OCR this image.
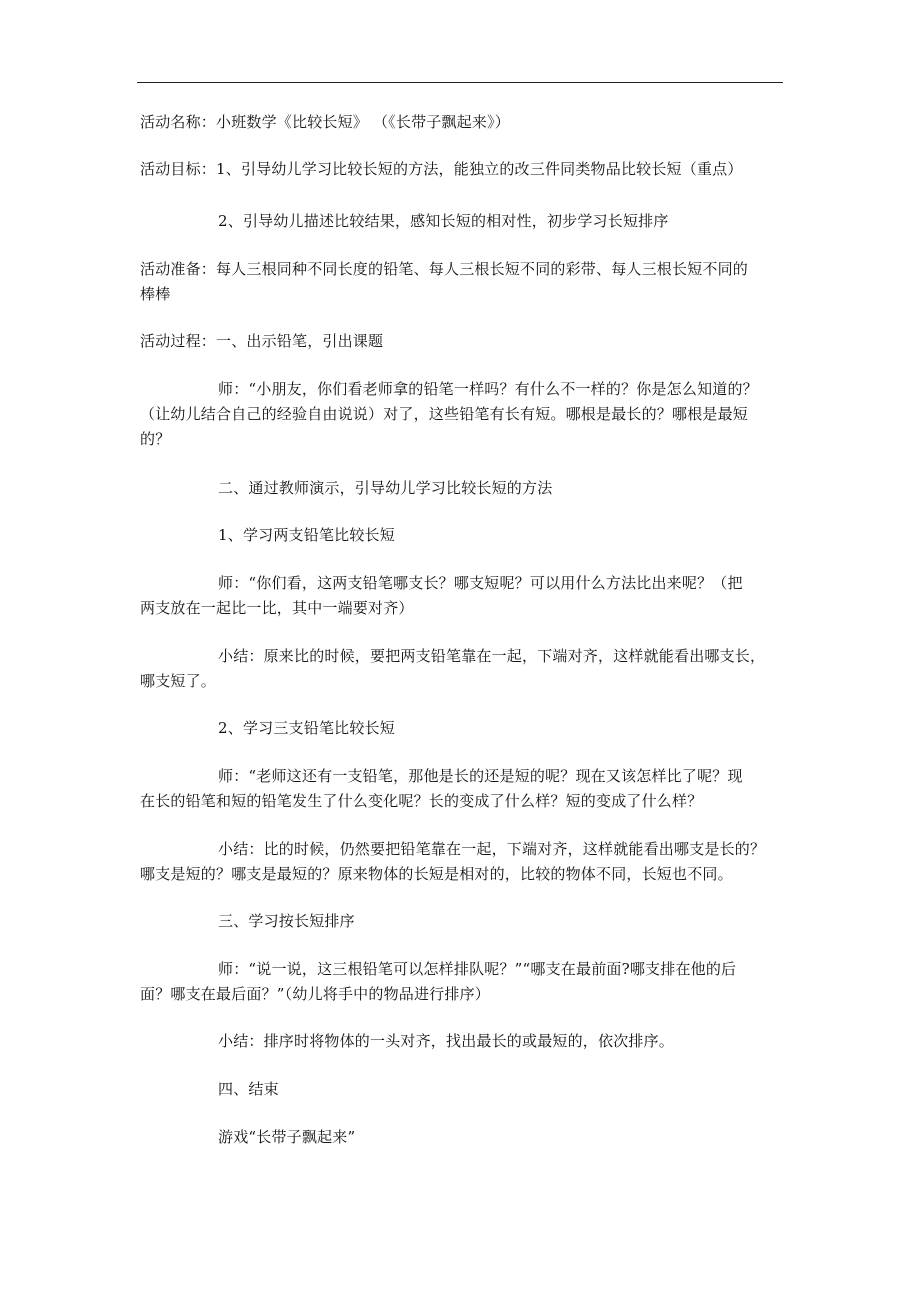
活动名称：小班数学《比较长短》 （《长带子飘起来》）
活动目标：1、引导幼儿学习比较长短的方法，能独立的改三件同类物品比较长短（重点）
2、引导幼儿描述比较结果，感知长短的相对性，初步学习长短排序
活动准备：每人三根同种不同长度的铅笔、每人三根长短不同的彩带、每人三根长短不同的
棒棒
活动过程：一、出示铅笔，引出课题
师：“小朋友，你们看老师拿的铅笔一样吗？有什么不一样的？你是怎么知道的？
（让幼儿结合自己的经验自由说说）对了，这些铅笔有长有短。哪根是最长的？哪根是最短
的？
二、通过教师演示，引导幼儿学习比较长短的方法
1、学习两支铅笔比较长短
师：“你们看，这两支铅笔哪支长？哪支短呢？可以用什么方法比出来呢？（把
两支放在一起比一比，其中一端要对齐）
小结：原来比的时候，要把两支铅笔靠在一起，下端对齐，这样就能看出哪支长，
哪支短了。
2、学习三支铅笔比较长短
师：“老师这还有一支铅笔，那他是长的还是短的呢？现在又该怎样比了呢？现
在长的铅笔和短的铅笔发生了什么变化呢？长的变成了什么样？短的变成了什么样？
小结：比的时候，仍然要把铅笔靠在一起，下端对齐，这样就能看出哪支是长的？
哪支是短的？哪支是最短的？原来物体的长短是相对的，比较的物体不同，长短也不同。
三、学习按长短排序
师：“说一说，这三根铅笔可以怎样排队呢？”“哪支在最前面?哪支排在他的后
面？哪支在最后面？”（幼儿将手中的物品进行排序）
小结：排序时将物体的一头对齐，找出最长的或最短的，依次排序。
四、结束
游戏“长带子飘起来”
